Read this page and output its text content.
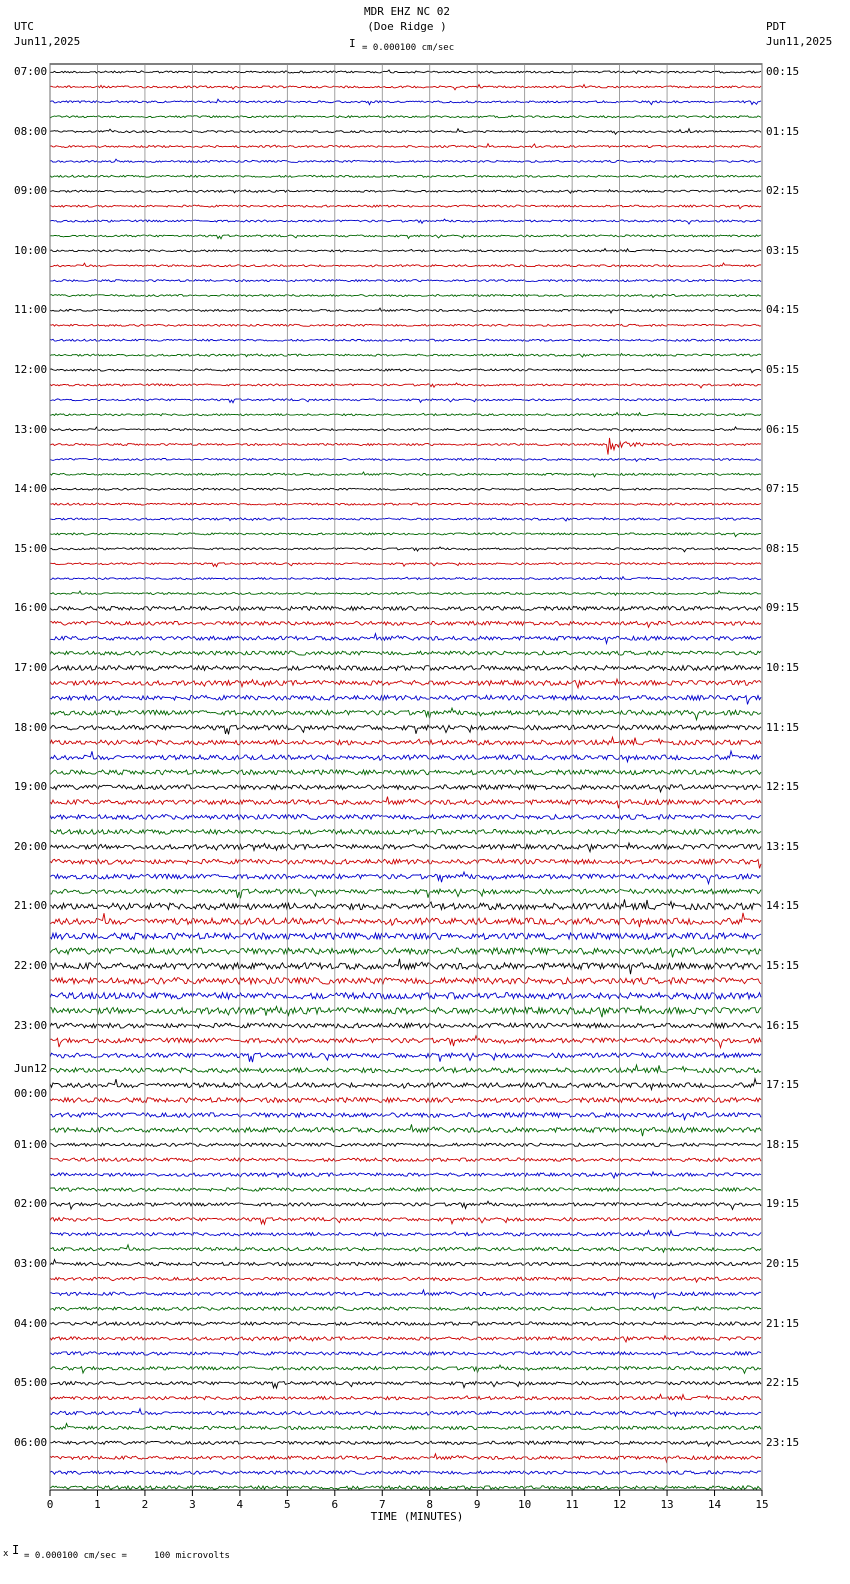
MDR EHZ NC 02
(Doe Ridge )
I = 0.000100 cm/sec
UTC
Jun11,2025
PDT
Jun11,2025
07:00
08:00
09:00
10:00
11:00
12:00
13:00
14:00
15:00
16:00
17:00
18:00
19:00
20:00
21:00
22:00
23:00
00:00
01:00
02:00
03:00
04:00
05:00
06:00
00:15
01:15
02:15
03:15
04:15
05:15
06:15
07:15
08:15
09:15
10:15
11:15
12:15
13:15
14:15
15:15
16:15
17:15
18:15
19:15
20:15
21:15
22:15
23:15
Jun12
0	1	2	3	4	5	6	7	8	9	10	11	12	13	14	15
TIME (MINUTES)
x I = 0.000100 cm/sec =     100 microvolts
